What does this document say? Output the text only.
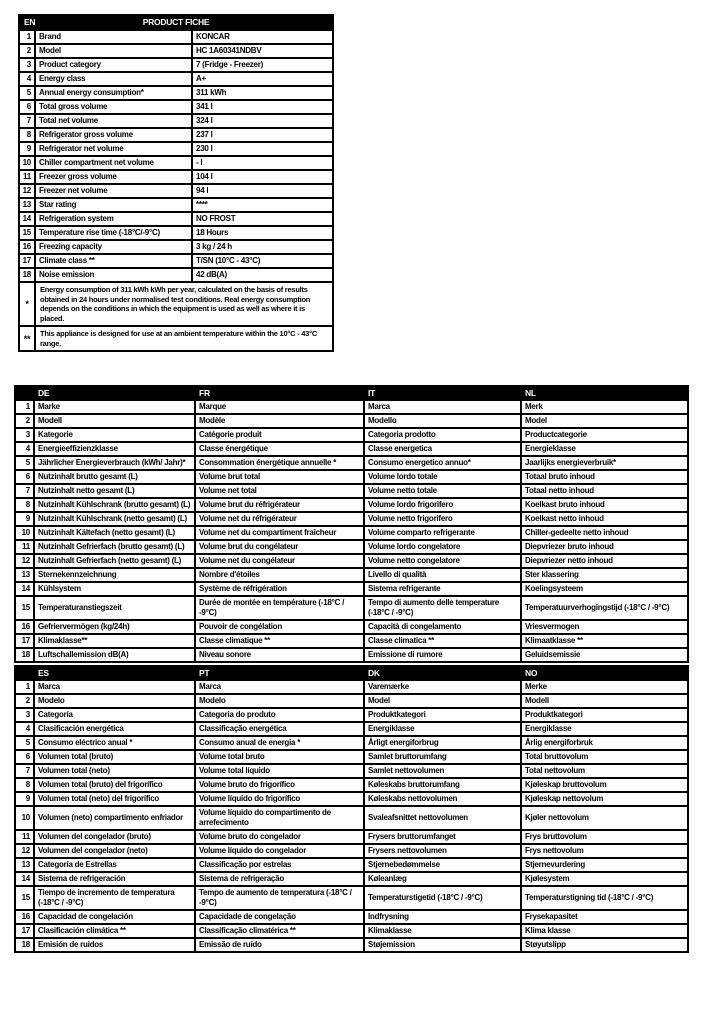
EN PRODUCT FICHE		

1	Brand	KONCAR
2	Model	HC 1A60341NDBV
3	Product category	7 (Fridge - Freezer)
4	Energy class	A+
5	Annual energy consumption*	311 kWh
6	Total gross volume	341 l
7	Total net volume	324 l
8	Refrigerator gross volume	237 l
9	Refrigerator net volume	230 l
10	Chiller compartment net volume	- l
11	Freezer gross volume	104 l
12	Freezer net volume	94 l
13	Star rating	****
14	Refrigeration system	NO FROST
15	Temperature rise time (-18°C/-9°C)	18 Hours
16	Freezing capacity	3 kg / 24 h
17	Climate class **	T/SN (10°C - 43°C)
18	Noise emission	42 dB(A)
*	Energy consumption of 311 kWh kWh per year, calculated on the basis of results obtained in 24 hours under normalised test conditions. Real energy consumption depends on the conditions in which the equipment is used as well as where it is placed.	
**	This appliance is designed for use at an ambient temperature within the 10°C - 43°C range.	
	DE	FR	IT	NL
1	Marke	Marque	Marca	Merk
2	Modell	Modèle	Modello	Model
3	Kategorie	Catégorie produit	Categoria prodotto	Productcategorie
4	Energieeffizienzklasse	Classe énergétique	Classe energetica	Energieklasse
5	Jährlicher Energieverbrauch (kWh/ Jahr)*	Consommation énergétique annuelle *	Consumo energetico annuo*	Jaarlijks energieverbruik*
6	Nutzinhalt brutto gesamt (L)	Volume brut total	Volume lordo totale	Totaal bruto inhoud
7	Nutzinhalt netto gesamt (L)	Volume net total	Volume netto totale	Totaal netto inhoud
8	Nutzinhalt Kühlschrank (brutto gesamt) (L)	Volume brut du réfrigérateur	Volume lordo frigorifero	Koelkast bruto inhoud
9	Nutzinhalt Kühlschrank (netto gesamt) (L)	Volume net du réfrigérateur	Volume netto frigorifero	Koelkast netto inhoud
10	Nutzinhalt Kältefach (netto gesamt) (L)	Volume net du compartiment fraîcheur	Volume comparto refrigerante	Chiller-gedeelte netto inhoud
11	Nutzinhalt Gefrierfach (brutto gesamt) (L)	Volume brut du congélateur	Volume lordo congelatore	Diepvriezer bruto inhoud
12	Nutzinhalt Gefrierfach (netto gesamt) (L)	Volume net du congélateur	Volume netto congelatore	Diepvriezer netto inhoud
13	Sternekennzeichnung	Nombre d'étoiles	Livello di qualità	Ster klassering
14	Kühlsystem	Système de réfrigération	Sistema refrigerante	Koelingsysteem
15	Temperaturanstiegszeit	Durée de montée en température (-18°C / -9°C)	Tempo di aumento delle temperature (-18°C / -9°C)	Temperatuurverhogingstijd (-18°C / -9°C)
16	Gefriervermögen (kg/24h)	Pouvoir de congélation	Capacità di congelamento	Vriesvermogen
17	Klimaklasse**	Classe climatique **	Classe climatica **	Klimaatklasse **
18	Luftschallemission dB(A)	Niveau sonore	Emissione di rumore	Geluidsemissie
	ES	PT	DK	NO
1	Marca	Marca	Varemærke	Merke
2	Modelo	Modelo	Model	Modell
3	Categoría	Categoria do produto	Produktkategori	Produktkategori
4	Clasificación energética	Classificação energética	Energiklasse	Energiklasse
5	Consumo eléctrico anual *	Consumo anual de energia *	Årligt energiforbrug	Årlig energiforbruk
6	Volumen total (bruto)	Volume total bruto	Samlet bruttorumfang	Total bruttovolum
7	Volumen total (neto)	Volume total líquido	Samlet nettovolumen	Total nettovolum
8	Volumen total (bruto) del frigorífico	Volume bruto do frigorífico	Køleskabs bruttorumfang	Kjøleskap bruttovolum
9	Volumen total (neto) del frigorífico	Volume líquido do frigorífico	Køleskabs nettovolumen	Kjøleskap nettovolum
10	Volumen (neto) compartimento enfriador	Volume líquido do compartimento de arrefecimento	Svaleafsnittet nettovolumen	Kjøler nettovolum
11	Volumen del congelador (bruto)	Volume bruto do congelador	Frysers bruttorumfanget	Frys bruttovolum
12	Volumen del congelador (neto)	Volume líquido do congelador	Frysers nettovolumen	Frys nettovolum
13	Categoría de Estrellas	Classificação por estrelas	Stjernebedømmelse	Stjernevurdering
14	Sistema de refrigeración	Sistema de refrigeração	Køleanlæg	Kjølesystem
15	Tiempo de incremento de temperatura (-18°C / -9°C)	Tempo de aumento de temperatura (-18°C / -9°C)	Temperaturstigetid (-18°C / -9°C)	Temperaturstigning tid (-18°C / -9°C)
16	Capacidad de congelación	Capacidade de congelação	Indfrysning	Frysekapasitet
17	Clasificación climática **	Classificação climatérica **	Klimaklasse	Klima klasse
18	Emisión de ruidos	Emissão de ruído	Støjemission	Støyutslipp
